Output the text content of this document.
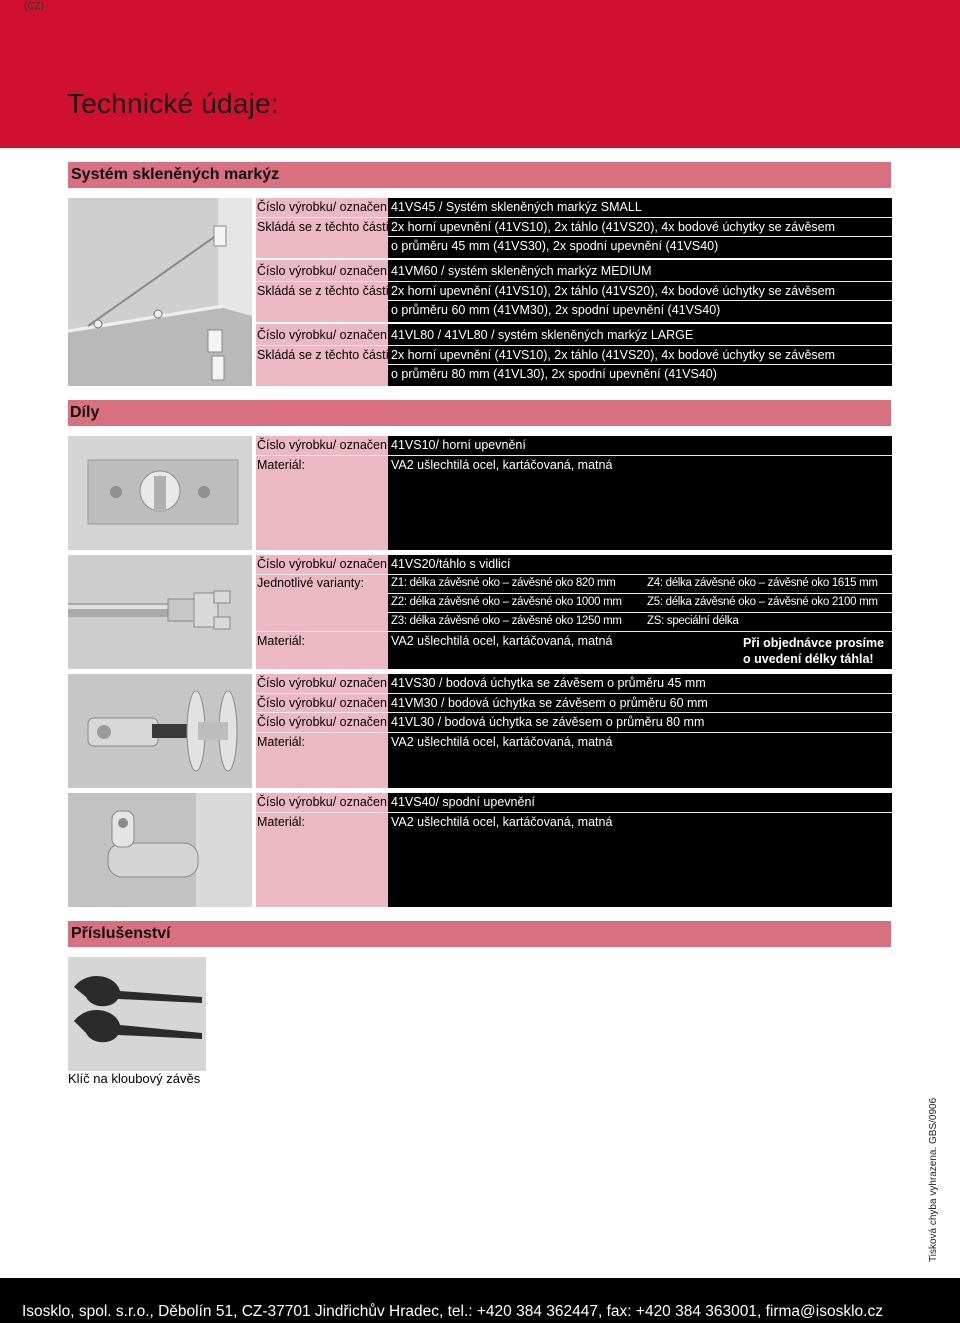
(CZ)
Technické údaje:
Systém skleněných markýz
Číslo výrobku/ označení:
41VS45 / Systém skleněných markýz SMALL
Skládá se z těchto částí:
2x horní upevnění (41VS10), 2x táhlo (41VS20), 4x bodové úchytky se závěsem
o průměru 45 mm (41VS30), 2x spodní upevnění (41VS40)
Číslo výrobku/ označení:
41VM60 / systém skleněných markýz MEDIUM
Skládá se z těchto částí:
2x horní upevnění (41VS10), 2x táhlo (41VS20), 4x bodové úchytky se závěsem
o průměru 60 mm (41VM30), 2x spodní upevnění (41VS40)
Číslo výrobku/ označení:
41VL80 / 41VL80 / systém skleněných markýz LARGE
Skládá se z těchto částí:
2x horní upevnění (41VS10), 2x táhlo (41VS20), 4x bodové úchytky se závěsem
o průměru 80 mm (41VL30), 2x spodní upevnění (41VS40)
Díly
Číslo výrobku/ označení:
41VS10/ horní upevnění
Materiál:	VA2 ušlechtilá ocel, kartáčovaná, matná
Číslo výrobku/ označení:
41VS20/táhlo s vidlicí
Jednotlivé varianty:	Z1: délka závěsné oko – závěsné oko 820 mm	Z4: délka závěsné oko – závěsné oko 1615 mm
Z2: délka závěsné oko – závěsné oko 1000 mm Z5: délka závěsné oko – závěsné oko 2100 mm
Z3: délka závěsné oko – závěsné oko 1250 mm ZS: speciální délka
Materiál:	VA2 ušlechtilá ocel, kartáčovaná, matná	Při objednávce prosíme
o uvedení délky táhla!
Číslo výrobku/ označení:
41VS30 / bodová úchytka se závěsem o průměru 45 mm
Číslo výrobku/ označení:
41VM30 / bodová úchytka se závěsem o průměru 60 mm
Číslo výrobku/ označení:
41VL30 / bodová úchytka se závěsem o průměru 80 mm
Materiál:	VA2 ušlechtilá ocel, kartáčovaná, matná
Číslo výrobku/ označení:
41VS40/ spodní upevnění
Materiál:	VA2 ušlechtilá ocel, kartáčovaná, matná
Příslušenství
Klíč na kloubový závěs
Tisková chyba vyhrazena. GBS/0906
Isosklo, spol. s.r.o., Děbolín 51, CZ-37701 Jindřichův Hradec, tel.: +420 384 362447, fax: +420 384 363001, firma@isosklo.cz
